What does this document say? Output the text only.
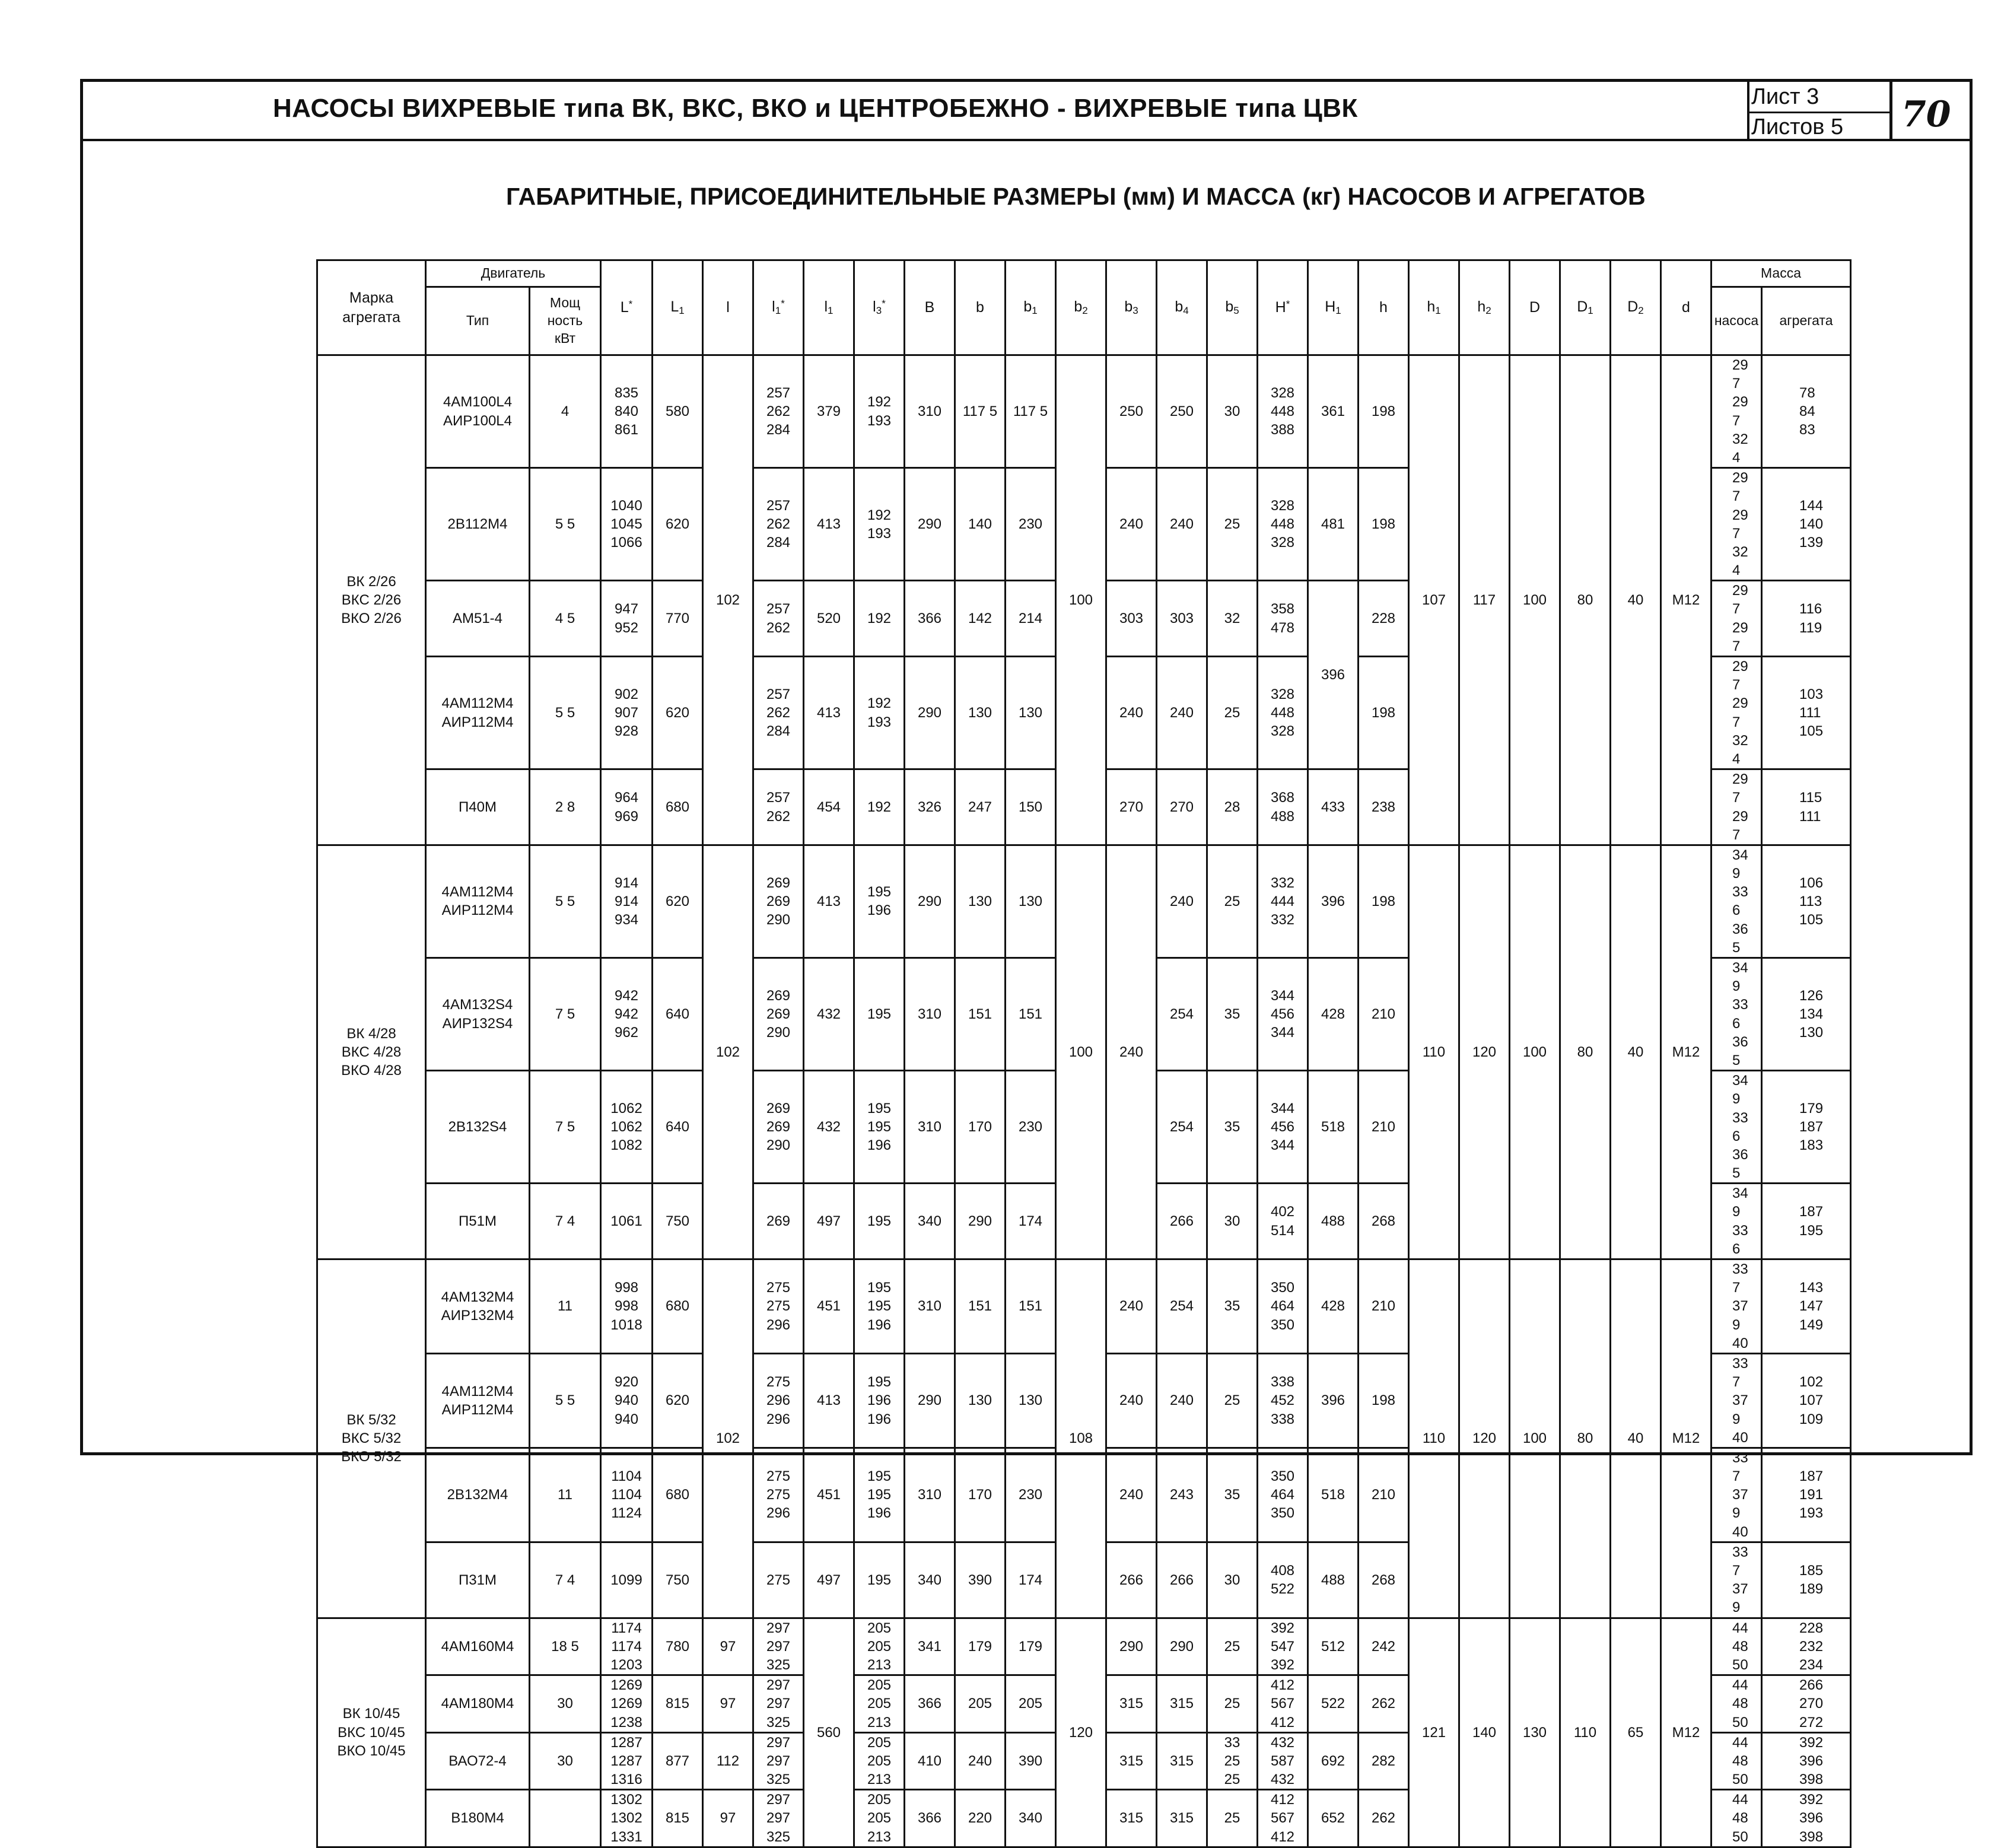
НАСОСЫ ВИХРЕВЫЕ типа ВК, ВКС, ВКО и ЦЕНТРОБЕЖНО - ВИХРЕВЫЕ типа ЦВК	Лист 3
Листов 5 70
ГАБАРИТНЫЕ, ПРИСОЕДИНИТЕЛЬНЫЕ РАЗМЕРЫ (мм) И МАССА (кг) НАСОСОВ И АГРЕГАТОВ
Марка
агрегата	Двигатель		L*	$L_1$	l	$l_1^*$	$l_1$	$l_3^*$	B	b	$b_1$	$b_2$	$b_3$	$b_4$	$b_5$	H*	$H_1$	h	$h_1$	$h_2$	D	$D_1$	$D_2$	d	Масса	
	Тип	Мощ
ность
кВт																							насоса	агрегата
ВК 2/26
ВКС 2/26
ВКО 2/26	4АМ100L4
АИР100L4	4	835
840
861	580	102	257
262
284	379	192
193	310	117 5	117 5	100	250	250	30	328
448
388	361	198	107	117	100	80	40	M12	29 7
29 7
32 4	78
84
83
	2В112М4	5 5	1040
1045
1066	620		257
262
284	413	192
193	290	140	230		240	240	25	328
448
328	481	198							29 7
29 7
32 4	144
140
139
	АМ51-4	4 5	947
952	770		257
262	520	192	366	142	214		303	303	32	358
478	396	228							29 7
29 7	116
119
	4АМ112М4
АИР112М4	5 5	902
907
928	620		257
262
284	413	192
193	290	130	130		240	240	25	328
448
328		198							29 7
29 7
32 4	103
111
105
	П40М	2 8	964
969	680		257
262	454	192	326	247	150		270	270	28	368
488	433	238							29 7
29 7	115
111
ВК 4/28
ВКС 4/28
ВКО 4/28	4АМ112М4
АИР112М4	5 5	914
914
934	620	102	269
269
290	413	195
196	290	130	130	100	240	240	25	332
444
332	396	198	110	120	100	80	40	M12	34 9
33 6
36 5	106
113
105
	4АМ132S4
АИР132S4	7 5	942
942
962	640		269
269
290	432	195	310	151	151			254	35	344
456
344	428	210							34 9
33 6
36 5	126
134
130
	2В132S4	7 5	1062
1062
1082	640		269
269
290	432	195
195
196	310	170	230			254	35	344
456
344	518	210							34 9
33 6
36 5	179
187
183
	П51М	7 4	1061	750		269	497	195	340	290	174			266	30	402
514	488	268							34 9
33 6	187
195
ВК 5/32
ВКС 5/32
ВКО 5/32	4АМ132М4
АИР132М4	11	998
998
1018	680	102	275
275
296	451	195
195
196	310	151	151	108	240	254	35	350
464
350	428	210	110	120	100	80	40	M12	33 7
37 9
40	143
147
149
	4АМ112М4
АИР112М4	5 5	920
940
940	620		275
296
296	413	195
196
196	290	130	130		240	240	25	338
452
338	396	198							33 7
37 9
40	102
107
109
	2В132М4	11	1104
1104
1124	680		275
275
296	451	195
195
196	310	170	230		240	243	35	350
464
350	518	210							33 7
37 9
40	187
191
193
	П31М	7 4	1099	750		275	497	195	340	390	174		266	266	30	408
522	488	268							33 7
37 9	185
189
ВК 10/45
ВКС 10/45
ВКО 10/45	4АМ160М4	18 5	1174
1174
1203	780	97	297
297
325	560	205
205
213	341	179	179	120	290	290	25	392
547
392	512	242	121	140	130	110	65	M12	44
48
50	228
232
234
	4АМ180М4	30	1269
1269
1238	815	97	297
297
325		205
205
213	366	205	205		315	315	25	412
567
412	522	262							44
48
50	266
270
272
	ВАО72-4	30	1287
1287
1316	877	112	297
297
325		205
205
213	410	240	390		315	315	33
25
25	432
587
432	692	282							44
48
50	392
396
398
	В180М4		1302
1302
1331	815	97	297
297
325		205
205
213	366	220	340		315	315	25	412
567
412	652	262							44
48
50	392
396
398
